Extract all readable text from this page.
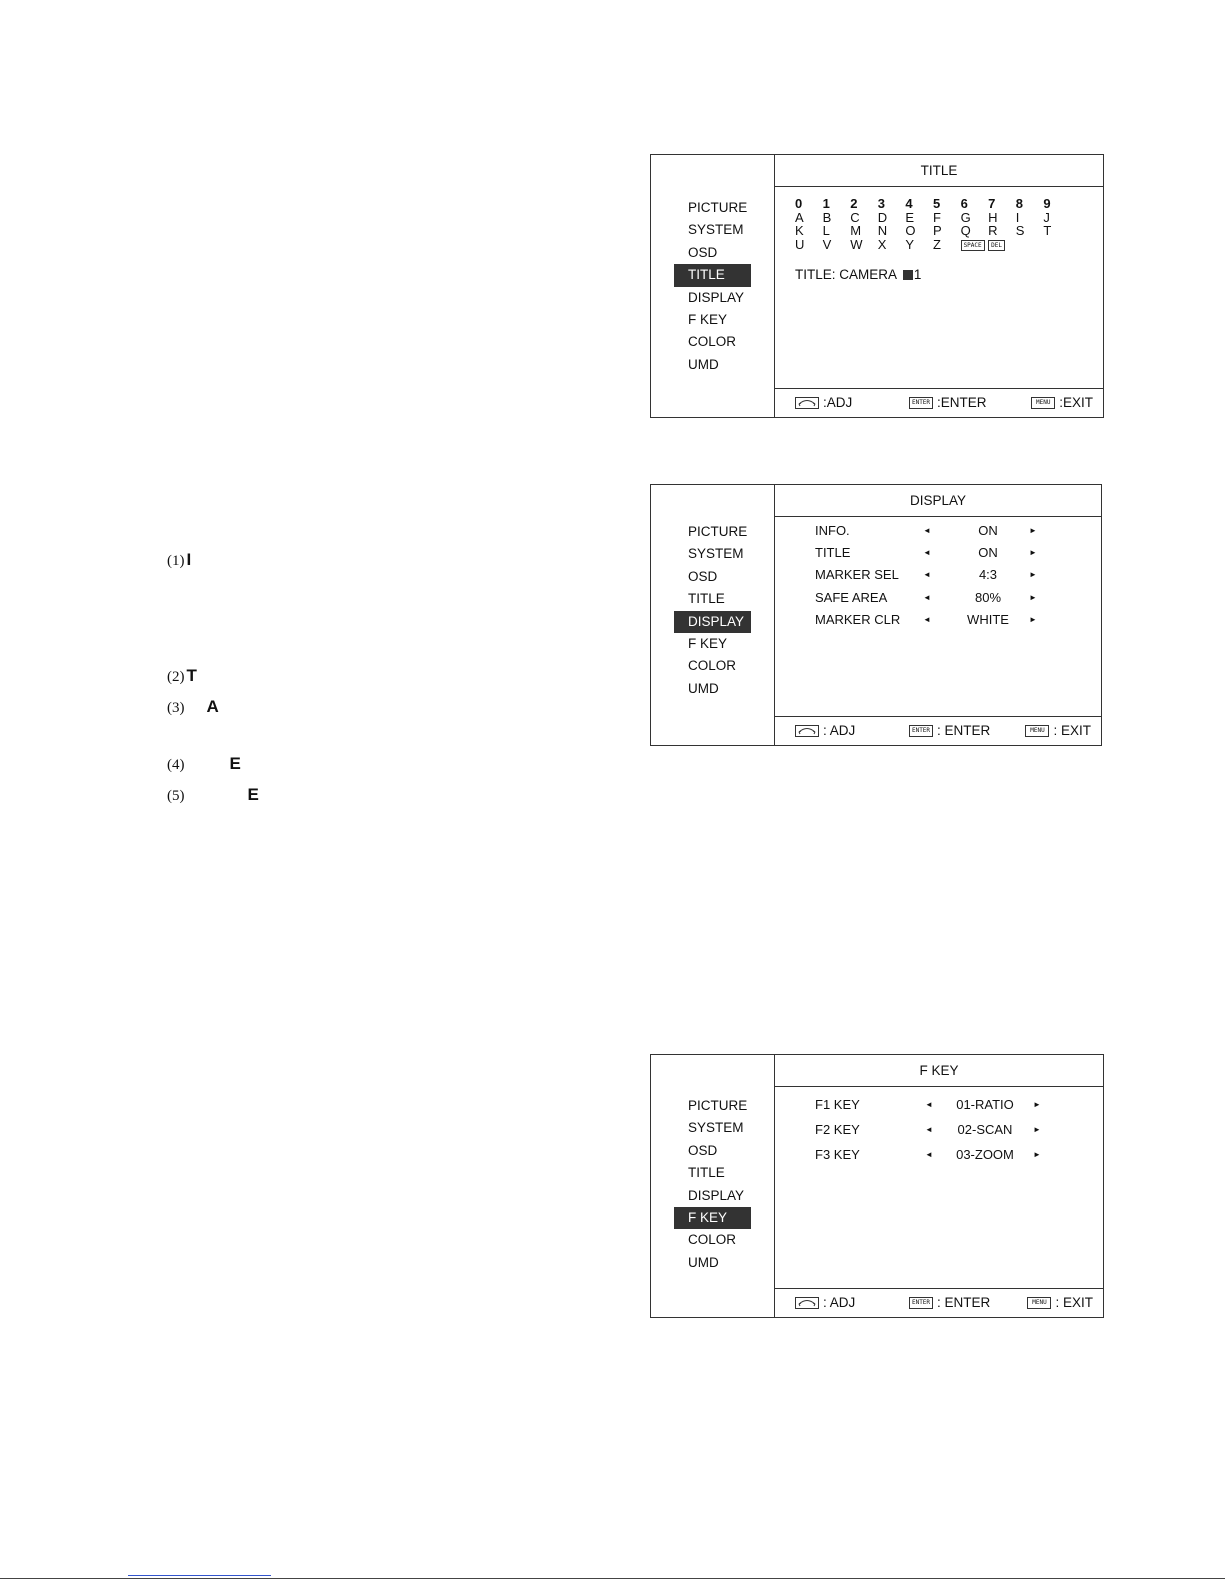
(1) I
(2) T
(3) A
(4)	E
(5)	E
PICTURE
SYSTEM
OSD
TITLE
DISPLAY
F KEY
COLOR
UMD
TITLE
0	1	2	3	4	5	6	7	8	9
A	B	C	D	E	F	G	H	I	J
K	L	M	N	O	P	Q	R	S	T
U	V	W	X	Y	Z	SPACE	DEL
TITLE: CAMERA 1
:ADJ	ENTER :ENTER	MENU :EXIT
PICTURE
SYSTEM
OSD
TITLE
DISPLAY
F KEY
COLOR
UMD
DISPLAY
INFO.	◄	ON	►
TITLE	◄	ON	►
MARKER SEL	◄	4:3	►
SAFE AREA	◄	80%	►
MARKER CLR	◄	WHITE	►
: ADJ	ENTER : ENTER	MENU : EXIT
PICTURE
SYSTEM
OSD
TITLE
DISPLAY
F KEY
COLOR
UMD
F KEY
F1 KEY	◄	01-RATIO	►
F2 KEY	◄	02-SCAN	►
F3 KEY	◄	03-ZOOM	►
: ADJ	ENTER : ENTER	MENU : EXIT
